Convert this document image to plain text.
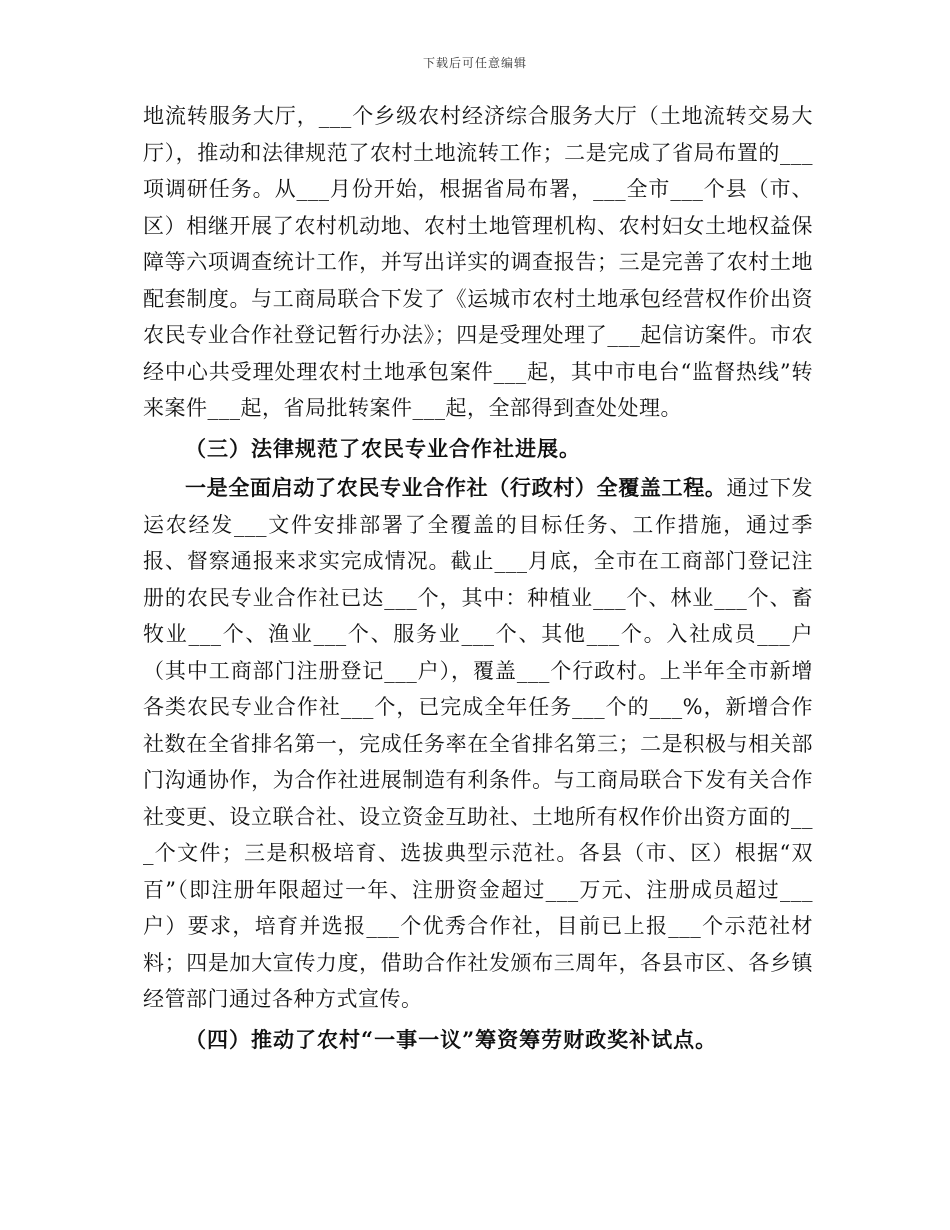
下载后可任意编辑

地流转服务大厅，___个乡级农村经济综合服务大厅（土地流转交易大厅），推动和法律规范了农村土地流转工作；二是完成了省局布置的___项调研任务。从___月份开始，根据省局布署，___全市___个县（市、区）相继开展了农村机动地、农村土地管理机构、农村妇女土地权益保障等六项调查统计工作，并写出详实的调查报告；三是完善了农村土地配套制度。与工商局联合下发了《运城市农村土地承包经营权作价出资农民专业合作社登记暂行办法》；四是受理处理了___起信访案件。市农经中心共受理处理农村土地承包案件___起，其中市电台“监督热线”转来案件___起，省局批转案件___起，全部得到查处处理。

（三）法律规范了农民专业合作社进展。

一是全面启动了农民专业合作社（行政村）全覆盖工程。通过下发运农经发___文件安排部署了全覆盖的目标任务、工作措施，通过季报、督察通报来求实完成情况。截止___月底，全市在工商部门登记注册的农民专业合作社已达___个，其中：种植业___个、林业___个、畜牧业___个、渔业___个、服务业___个、其他___个。入社成员___户（其中工商部门注册登记___户），覆盖___个行政村。上半年全市新增各类农民专业合作社___个，已完成全年任务___个的___%，新增合作社数在全省排名第一，完成任务率在全省排名第三；二是积极与相关部门沟通协作，为合作社进展制造有利条件。与工商局联合下发有关合作社变更、设立联合社、设立资金互助社、土地所有权作价出资方面的___个文件；三是积极培育、选拔典型示范社。各县（市、区）根据“双百”（即注册年限超过一年、注册资金超过___万元、注册成员超过___户）要求，培育并选报___个优秀合作社，目前已上报___个示范社材料；四是加大宣传力度，借助合作社发颁布三周年，各县市区、各乡镇经管部门通过各种方式宣传。

（四）推动了农村“一事一议”筹资筹劳财政奖补试点。
